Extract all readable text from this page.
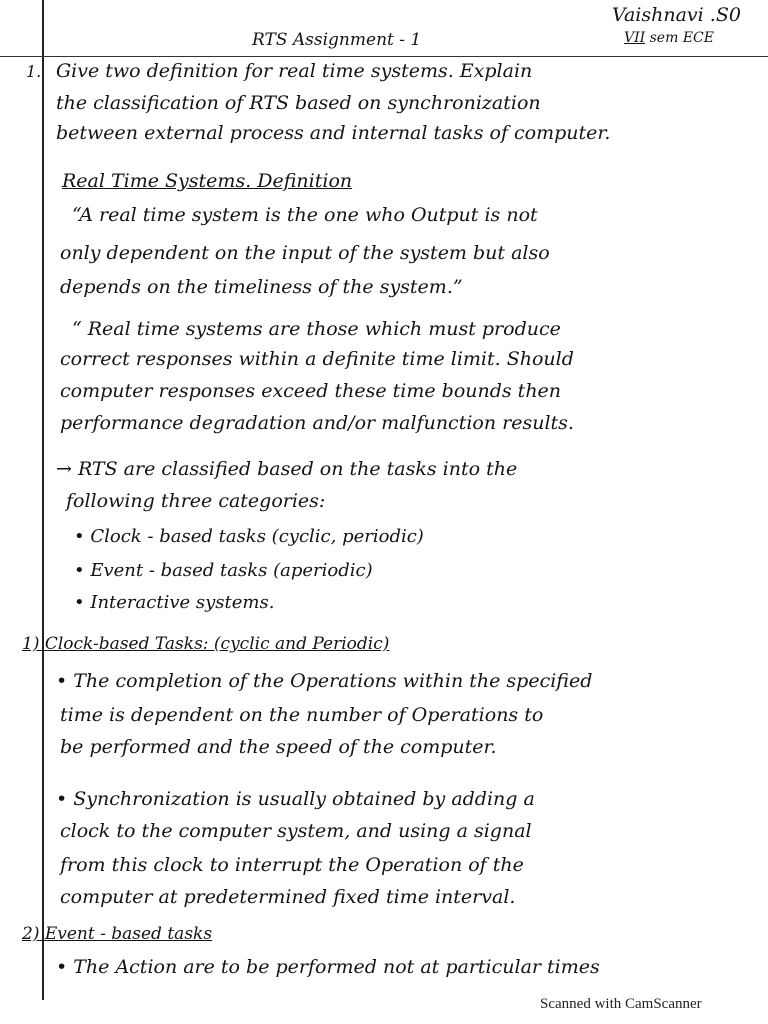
Vaishnavi .S0
VII sem ECE
RTS Assignment - 1
1. Give two definition for real time systems. Explain
the classification of RTS based on synchronization
between external process and internal tasks of computer.
Real Time Systems. Definition
“A real time system is the one who Output is not
only dependent on the input of the system but also
depends on the timeliness of the system.”
“ Real time systems are those which must produce
correct responses within a definite time limit. Should
computer responses exceed these time bounds then
performance degradation and/or malfunction results.
→ RTS are classified based on the tasks into the
following three categories:
• Clock - based tasks (cyclic, periodic)
• Event - based tasks (aperiodic)
• Interactive systems.
1) Clock-based Tasks: (cyclic and Periodic)
• The completion of the Operations within the specified
time is dependent on the number of Operations to
be performed and the speed of the computer.
• Synchronization is usually obtained by adding a
clock to the computer system, and using a signal
from this clock to interrupt the Operation of the
computer at predetermined fixed time interval.
2) Event - based tasks
• The Action are to be performed not at particular times
Scanned with CamScanner
